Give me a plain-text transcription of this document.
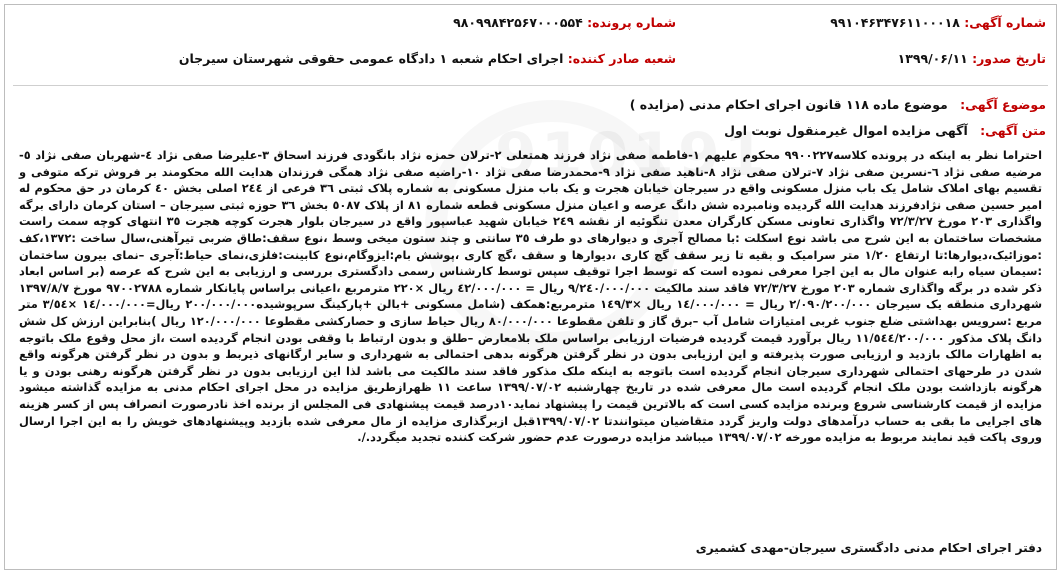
شماره آگهی: ۹۹۱۰۴۶۳۴۷۶۱۱۰۰۰۱۸
شماره پرونده: ۹۸۰۹۹۸۴۲۵۶۷۰۰۰۵۵۴
تاریخ صدور: ۱۳۹۹/۰۶/۱۱
شعبه صادر کننده: اجرای احکام شعبه ۱ دادگاه عمومی حقوقی شهرستان سیرجان
موضوع آگهی: موضوع ماده ۱۱۸ قانون اجرای احکام مدنی (مزایده )
متن آگهی: آگهی مزایده اموال غیرمنقول نوبت اول
احتراما نظر به اینکه در پرونده کلاسه۹۹۰۰۲۲۷ محکوم علیهم ۱-فاطمه صفی نژاد فرزند همتعلی ۲-ترلان حمزه نژاد بانگودی فرزند اسحاق ۳-علیرضا صفی نژاد ٤-شهربان صفی نژاد ٥-مرضیه صفی نژاد ٦-نسرین صفی نژاد ۷-ترلان صفی نژاد ۸-ناهید صفی نژاد ۹-محمدرضا صفی نژاد ۱۰-راضیه صفی نژاد همگی فرزندان هدایت الله محکومند بر فروش ترکه متوفی و تقسیم بهای املاک شامل یک باب منزل مسکونی واقع در سیرجان خیابان هجرت و یک باب منزل مسکونی به شماره پلاک ثبتی ۳٦ فرعی از ۲٤٤ اصلی بخش ٤۰ کرمان در حق محکوم له امیر حسین صفی نژادفرزند هدایت الله گردیده ونامبرده شش دانگ عرصه و اعیان منزل مسکونی قطعه شماره ۸۱ از پلاک ٥۰۸۷ بخش ۳٦ حوزه ثبتی سیرجان – استان کرمان دارای برگه واگذاری ۲۰۳ مورخ ۷۲/۳/۲۷ واگذاری تعاونی مسکن کارگران معدن تنگوئیه از نقشه ۲٤۹ خیابان شهید عباسپور واقع در سیرجان بلوار هجرت کوچه هجرت ۳٥ انتهای کوچه سمت راست مشخصات ساختمان به این شرح می باشد نوع اسکلت :با مصالح آجری و دیوارهای دو طرف ۳٥ سانتی و چند ستون میخی وسط ،نوع سقف:طاق ضربی تیرآهنی،سال ساخت :۱۳۷۲،کف :موزائیک،دیوارها:تا ارتفاع ۱/۲۰ متر سرامیک و بقیه تا زیر سقف گچ کاری ،دیوارها و سقف ،گچ کاری ،پوشش بام:ایزوگام،نوع کابینت:فلزی،نمای حیاط:آجری –نمای بیرون ساختمان :سیمان سیاه رابه عنوان مال به این اجرا معرفی نموده است که توسط اجرا توقیف سپس توسط کارشناس رسمی دادگستری بررسی و ارزیابی به این شرح که عرصه (بر اساس ابعاد ذکر شده در برگه واگذاری شماره ۲۰۳ مورخ ۷۲/۳/۲۷ فاقد سند مالکیت ۹/۲٤۰/۰۰۰/۰۰۰ ریال = ٤۲/۰۰۰/۰۰۰ ریال ×۲۲۰ مترمربع ،اعیانی براساس پایانکار شماره ۹۷۰۰۲۷۸۸ مورخ ۱۳۹۷/۸/۷ شهرداری منطقه یک سیرجان ۲/۰۹۰/۲۰۰/۰۰۰ ریال = ۱٤/۰۰۰/۰۰۰ ریال ×۱٤۹/۳ مترمربع:همکف (شامل مسکونی +بالن +پارکینگ سرپوشیده۲۰۰/۰۰۰/۰۰۰ ریال=۱٤/۰۰۰/۰۰۰ ×۳/٥٤ متر مربع :سرویس بهداشتی ضلع جنوب غربی امتیازات شامل آب –برق گاز و تلفن مقطوعا ۸۰/۰۰۰/۰۰۰ ریال حیاط سازی و حصارکشی مقطوعا ۱۲۰/۰۰۰/۰۰۰ ریال )بنابراین ارزش کل شش دانگ پلاک مذکور ۱۱/٥٤٤/۲۰۰/۰۰۰ ریال برآورد قیمت گردیده فرضیات ارزیابی براساس ملک بلامعارض –طلق و بدون ارتباط با وقفی بودن انجام گردیده است ،از محل وقوع ملک باتوجه به اظهارات مالک بازدید و ارزیابی صورت پذیرفته و این ارزیابی بدون در نظر گرفتن هرگونه بدهی احتمالی به شهرداری و سایر ارگانهای ذیربط و بدون در نظر گرفتن هرگونه واقع شدن در طرحهای احتمالی شهرداری سیرجان انجام گردیده است باتوجه به اینکه ملک مذکور فاقد سند مالکیت می باشد لذا این ارزیابی بدون در نظر گرفتن هرگونه رهنی بودن و یا هرگونه بازداشت بودن ملک انجام گردیده است مال معرفی شده در تاریخ چهارشنبه ۱۳۹۹/۰۷/۰۲ ساعت ۱۱ ظهرازطریق مزایده در محل اجرای احکام مدنی به مزایده گذاشته میشود مزایده از قیمت کارشناسی شروع وبرنده مزایده کسی است که بالاترین قیمت را پیشنهاد نماید۱۰درصد قیمت پیشنهادی فی المجلس از برنده اخذ نادرصورت انصراف پس از کسر هزینه های اجرایی ما بقی به حساب درآمدهای دولت واریز گردد متقاضیان میتوانندتا ۱۳۹۹/۰۷/۰۲قبل ازبرگذاری مزایده از مال معرفی شده بازدید وپیشنهادهای خویش را به این اجرا ارسال وروی پاکت قید نمایند مربوط به مزایده مورخه ۱۳۹۹/۰۷/۰۲ میباشد مزایده درصورت عدم حضور شرکت کننده تجدید میگردد./.
دفتر اجرای احکام مدنی دادگستری سیرجان-مهدی کشمیری
